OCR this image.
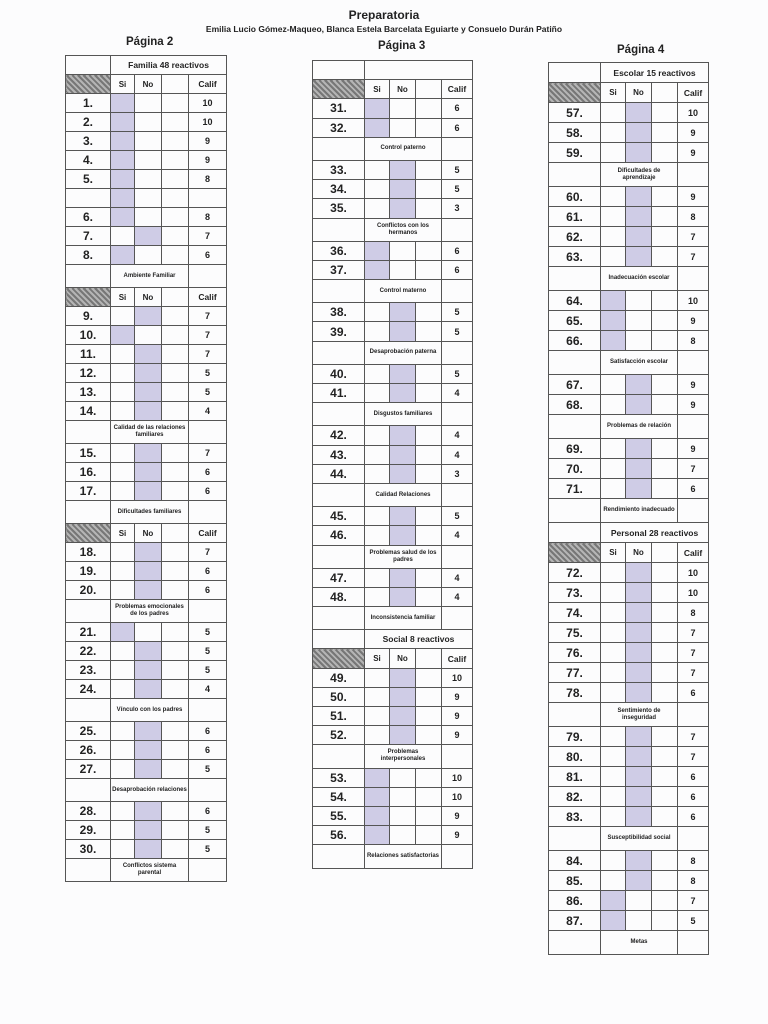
Preparatoria
Emilia Lucio Gómez-Maqueo, Blanca Estela Barcelata Eguiarte y Consuelo Durán Patiño
Página 2	Página 3	Página 4
	Familia 48 reactivos			
	Si	No		Calif
1.				10
2.				10
3.				9
4.				9
5.				8

6.				8
7.				7
8.				6
	Ambiente Familiar			
	Si	No		Calif
9.				7
10.				7
11.				7
12.				5
13.				5
14.				4
	Calidad de las relaciones familiares			
15.				7
16.				6
17.				6
	Dificultades familiares			
	Si	No		Calif
18.				7
19.				6
20.				6
	Problemas emocionales de los padres			
21.				5
22.				5
23.				5
24.				4
	Vínculo con los padres			
25.				6
26.				6
27.				5
	Desaprobación relaciones			
28.				6
29.				5
30.				5
	Conflictos sistema parental			

	Si	No		Calif
31.				6
32.				6
	Control paterno			
33.				5
34.				5
35.				3
	Conflictos con los hermanos			
36.				6
37.				6
	Control materno			
38.				5
39.				5
	Desaprobación paterna			
40.				5
41.				4
	Disgustos familiares			
42.				4
43.				4
44.				3
	Calidad Relaciones			
45.				5
46.				4
	Problemas salud de los padres			
47.				4
48.				4
	Inconsistencia familiar			
	Social 8 reactivos			
	Si	No		Calif
49.				10
50.				9
51.				9
52.				9
	Problemas interpersonales			
53.				10
54.				10
55.				9
56.				9
	Relaciones satisfactorias			
	Escolar 15 reactivos			
	Si	No		Calif
57.				10
58.				9
59.				9
	Dificultades de aprendizaje			
60.				9
61.				8
62.				7
63.				7
	Inadecuación escolar			
64.				10
65.				9
66.				8
	Satisfacción escolar			
67.				9
68.				9
	Problemas de relación			
69.				9
70.				7
71.				6
	Rendimiento inadecuado			
	Personal 28 reactivos			
	Si	No		Calif
72.				10
73.				10
74.				8
75.				7
76.				7
77.				7
78.				6
	Sentimiento de inseguridad			
79.				7
80.				7
81.				6
82.				6
83.				6
	Susceptibilidad social			
84.				8
85.				8
86.				7
87.				5
	Metas			
